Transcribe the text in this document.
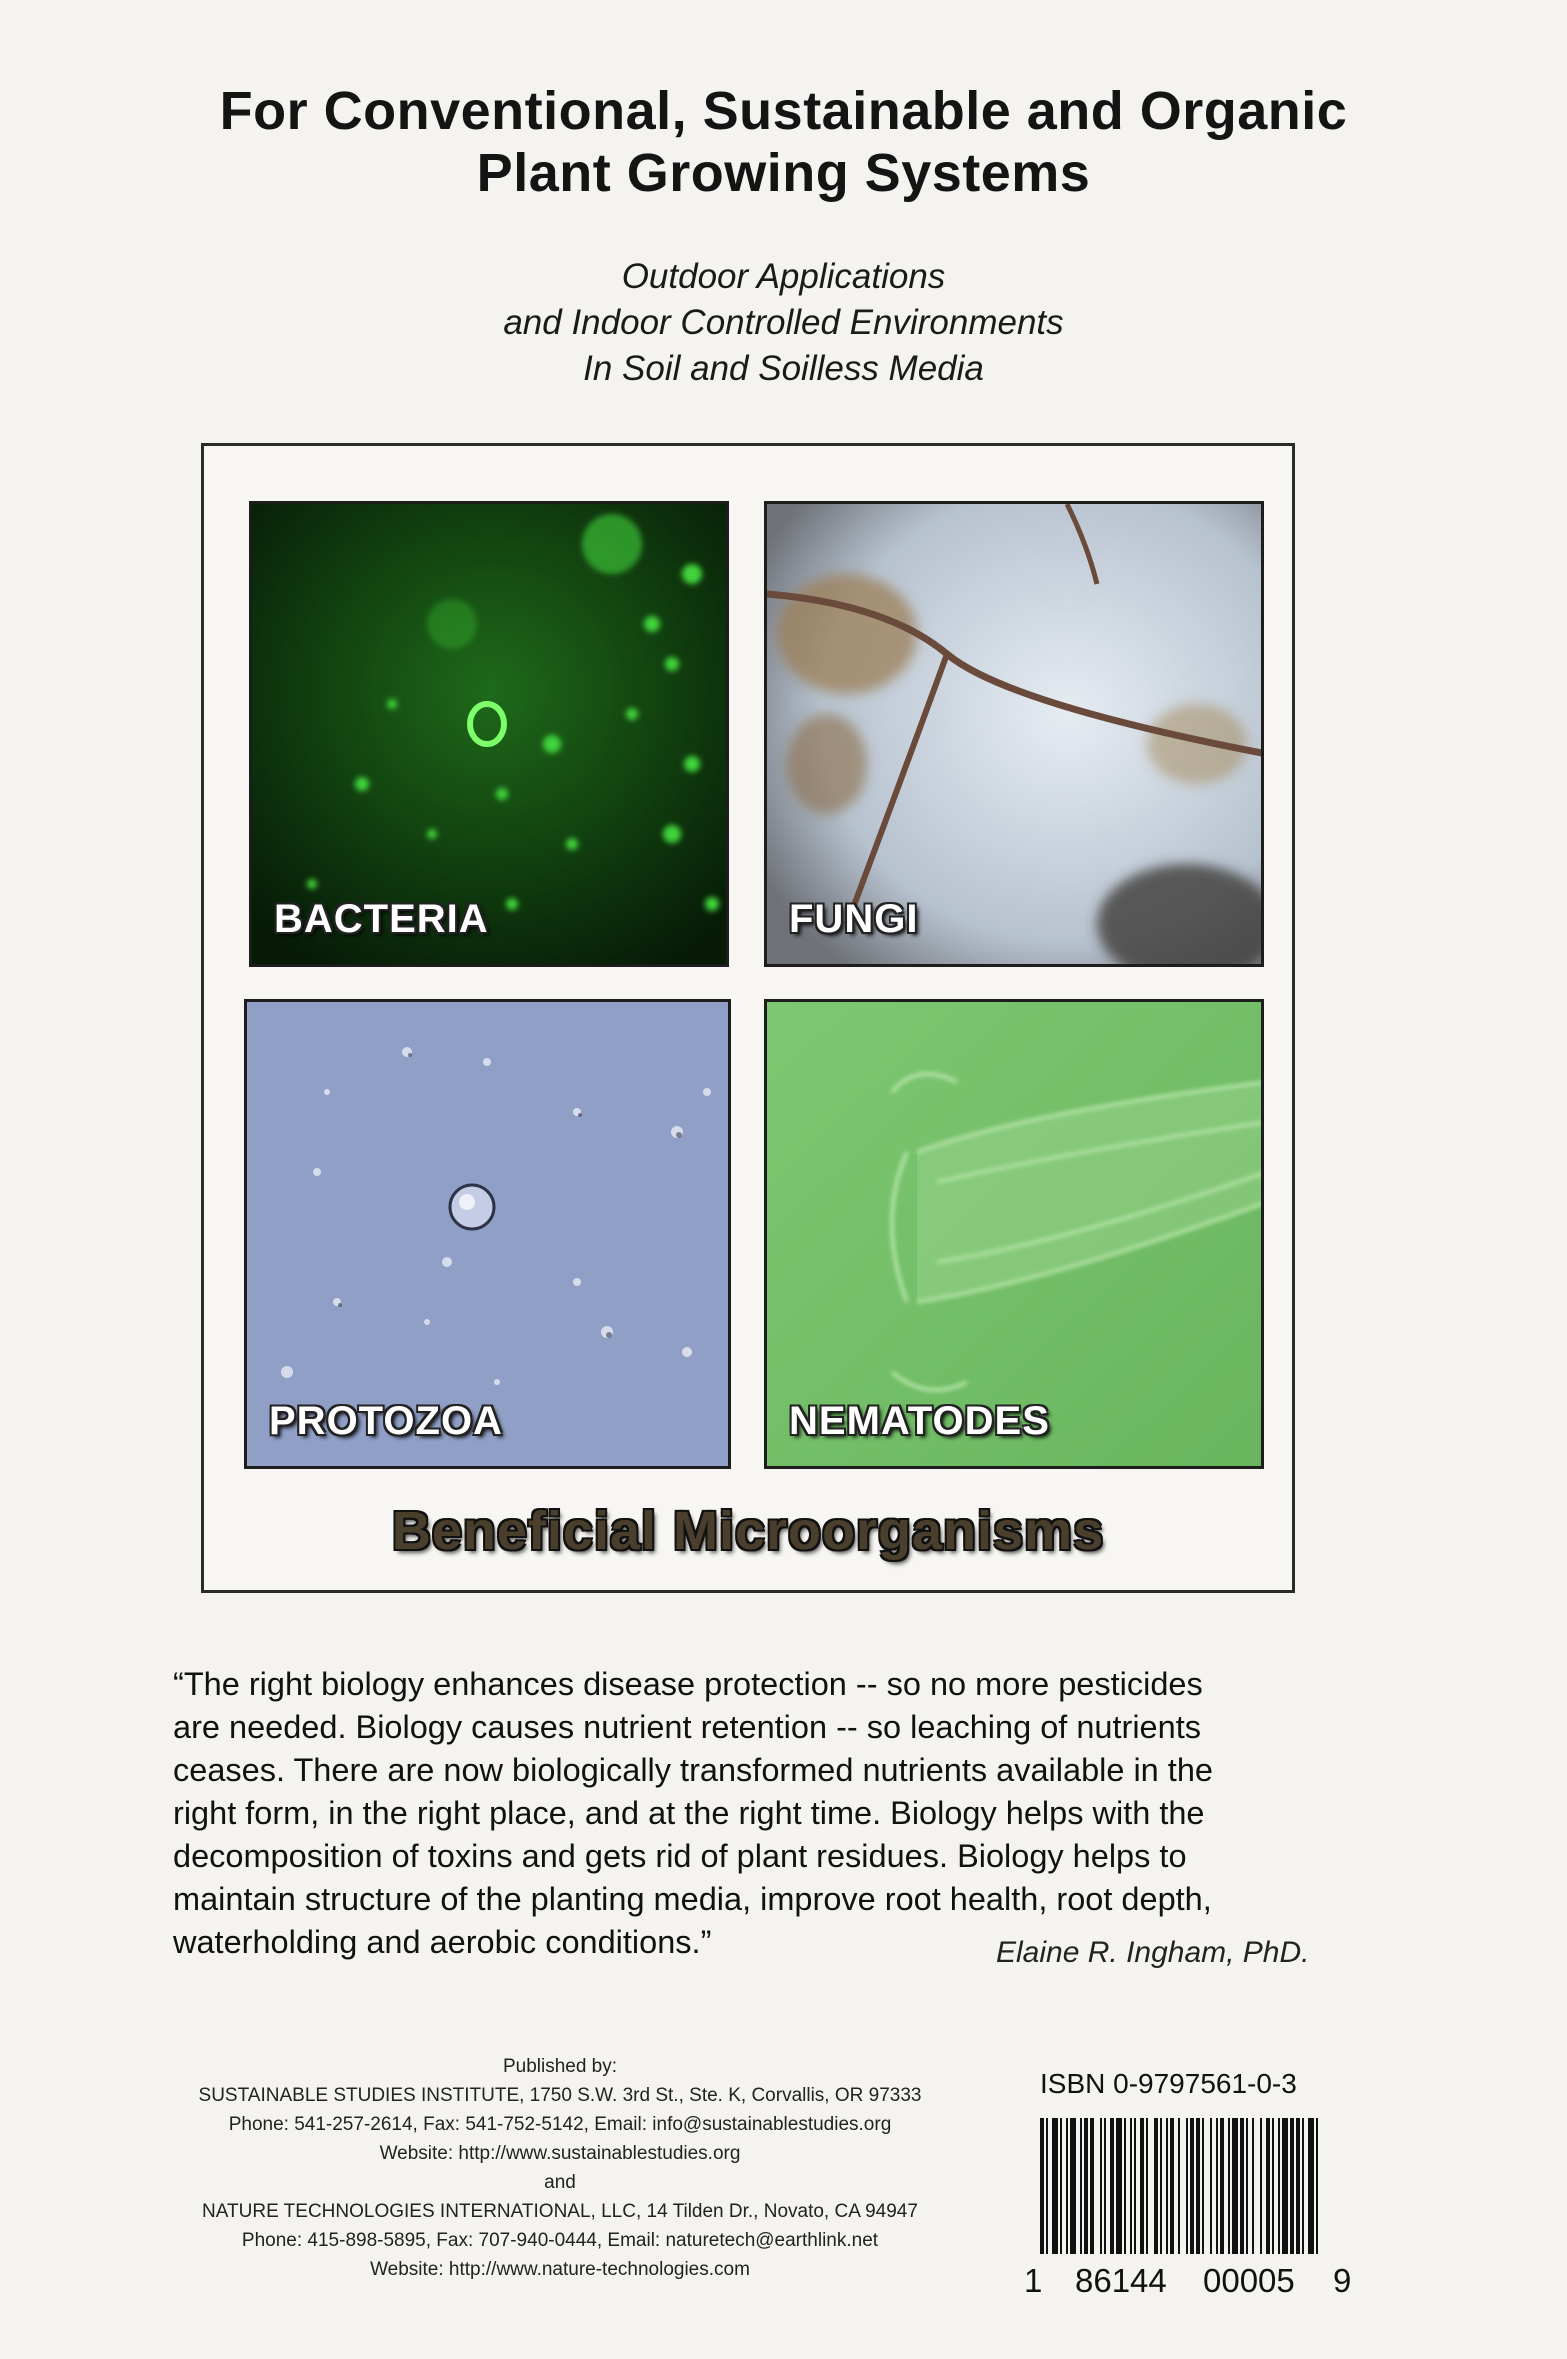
For Conventional, Sustainable and Organic
Plant Growing Systems
Outdoor Applications
and Indoor Controlled Environments
In Soil and Soilless Media
BACTERIA	FUNGI
PROTOZOA	NEMATODES
Beneficial Microorganisms
“The right biology enhances disease protection -- so no more pesticides
are needed. Biology causes nutrient retention -- so leaching of nutrients
ceases. There are now biologically transformed nutrients available in the
right form, in the right place, and at the right time. Biology helps with the
decomposition of toxins and gets rid of plant residues. Biology helps to
maintain structure of the planting media, improve root health, root depth,
waterholding and aerobic conditions.”	Elaine R. Ingham, PhD.
Published by:
SUSTAINABLE STUDIES INSTITUTE, 1750 S.W. 3rd St., Ste. K, Corvallis, OR 97333
Phone: 541-257-2614, Fax: 541-752-5142, Email: info@sustainablestudies.org
Website: http://www.sustainablestudies.org
and
NATURE TECHNOLOGIES INTERNATIONAL, LLC, 14 Tilden Dr., Novato, CA 94947
Phone: 415-898-5895, Fax: 707-940-0444, Email: naturetech@earthlink.net
Website: http://www.nature-technologies.com
ISBN 0-9797561-0-3
1 86144 00005 9
